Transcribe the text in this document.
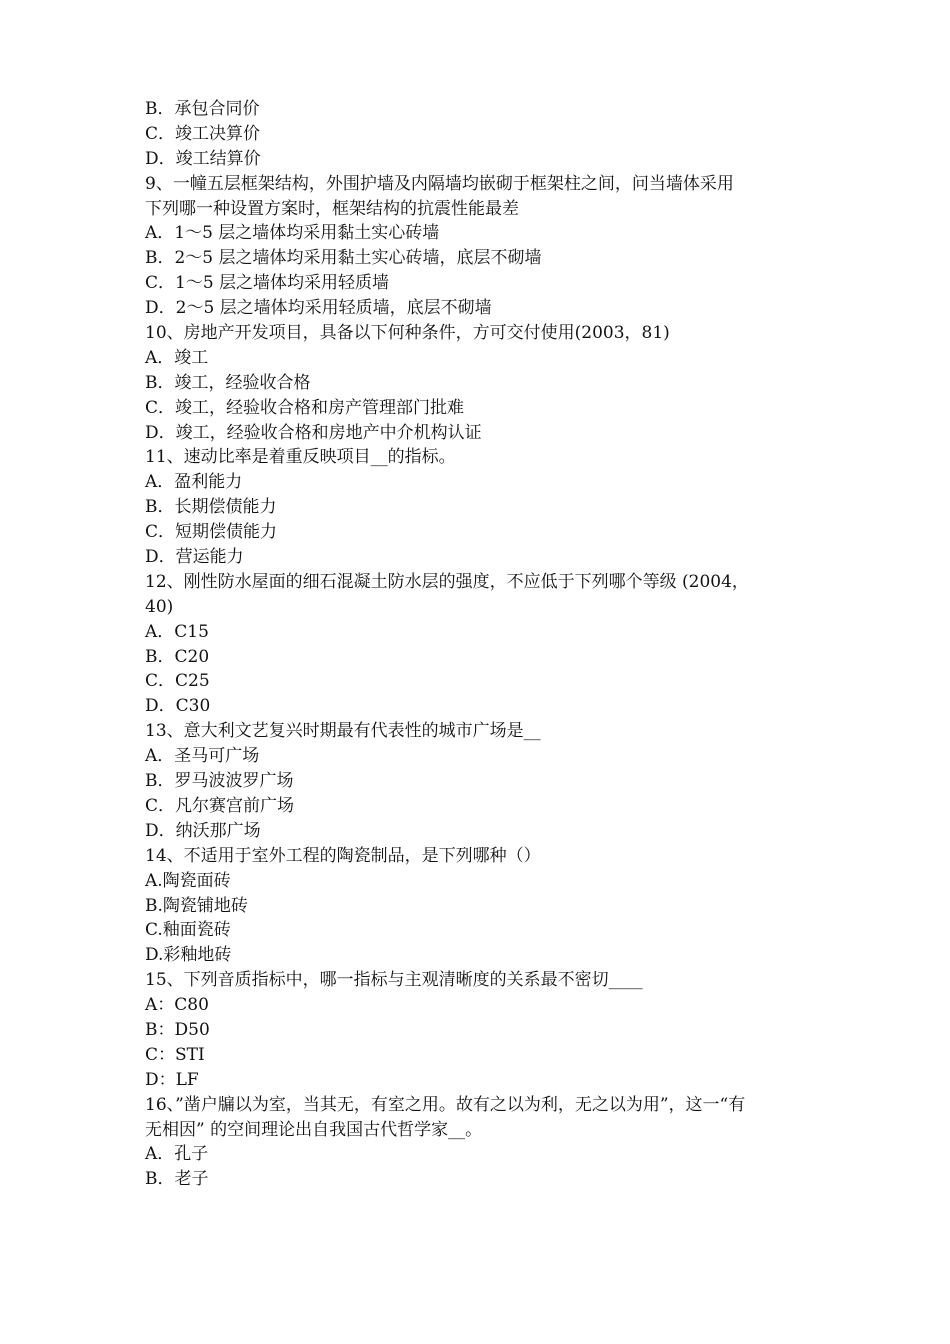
B．承包合同价
C．竣工决算价
D．竣工结算价
9、一幢五层框架结构，外围护墙及内隔墙均嵌砌于框架柱之间，问当墙体采用
下列哪一种设置方案时，框架结构的抗震性能最差
A．1～5 层之墙体均采用黏土实心砖墙
B．2～5 层之墙体均采用黏土实心砖墙，底层不砌墙
C．1～5 层之墙体均采用轻质墙
D．2～5 层之墙体均采用轻质墙，底层不砌墙
10、房地产开发项目，具备以下何种条件，方可交付使用(2003，81)
A．竣工
B．竣工，经验收合格
C．竣工，经验收合格和房产管理部门批难
D．竣工，经验收合格和房地产中介机构认证
11、速动比率是着重反映项目__的指标。
A．盈利能力
B．长期偿债能力
C．短期偿债能力
D．营运能力
12、刚性防水屋面的细石混凝土防水层的强度，不应低于下列哪个等级 (2004，
40)
A．C15
B．C20
C．C25
D．C30
13、意大利文艺复兴时期最有代表性的城市广场是__
A．圣马可广场
B．罗马波波罗广场
C．凡尔赛宫前广场
D．纳沃那广场
14、不适用于室外工程的陶瓷制品，是下列哪种（）
A.陶瓷面砖
B.陶瓷铺地砖
C.釉面瓷砖
D.彩釉地砖
15、下列音质指标中，哪一指标与主观清晰度的关系最不密切____
A：C80
B：D50
C：STI
D：LF
16、”凿户牖以为室，当其无，有室之用。故有之以为利，无之以为用”，这一“有
无相因” 的空间理论出自我国古代哲学家__。
A．孔子
B．老子
